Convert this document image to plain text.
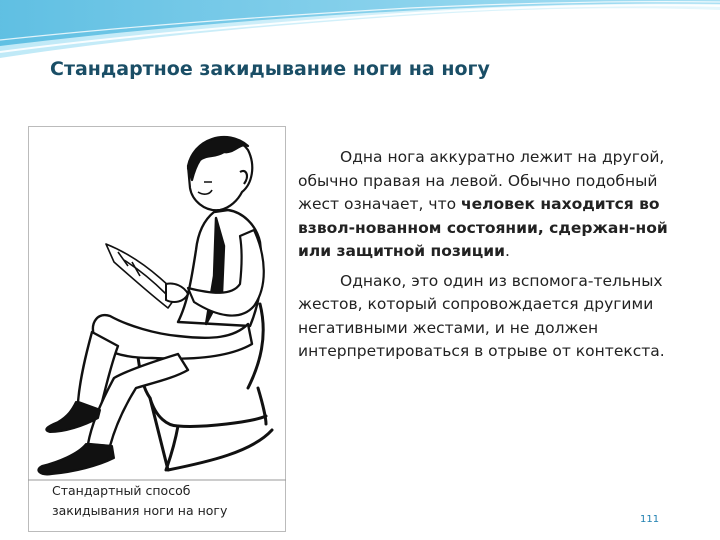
Стандартное закидывание ноги на ногу

Стандартный способ
закидывания ноги на ногу

Одна нога аккуратно лежит на другой, обычно правая на левой. Обычно подобный жест означает, что человек находится во взвол-нованном состоянии, сдержан-ной или защитной позиции.

Однако, это один из вспомога-тельных жестов, который сопровождается другими негативными жестами, и не должен интерпретироваться в отрыве от контекста.

111
